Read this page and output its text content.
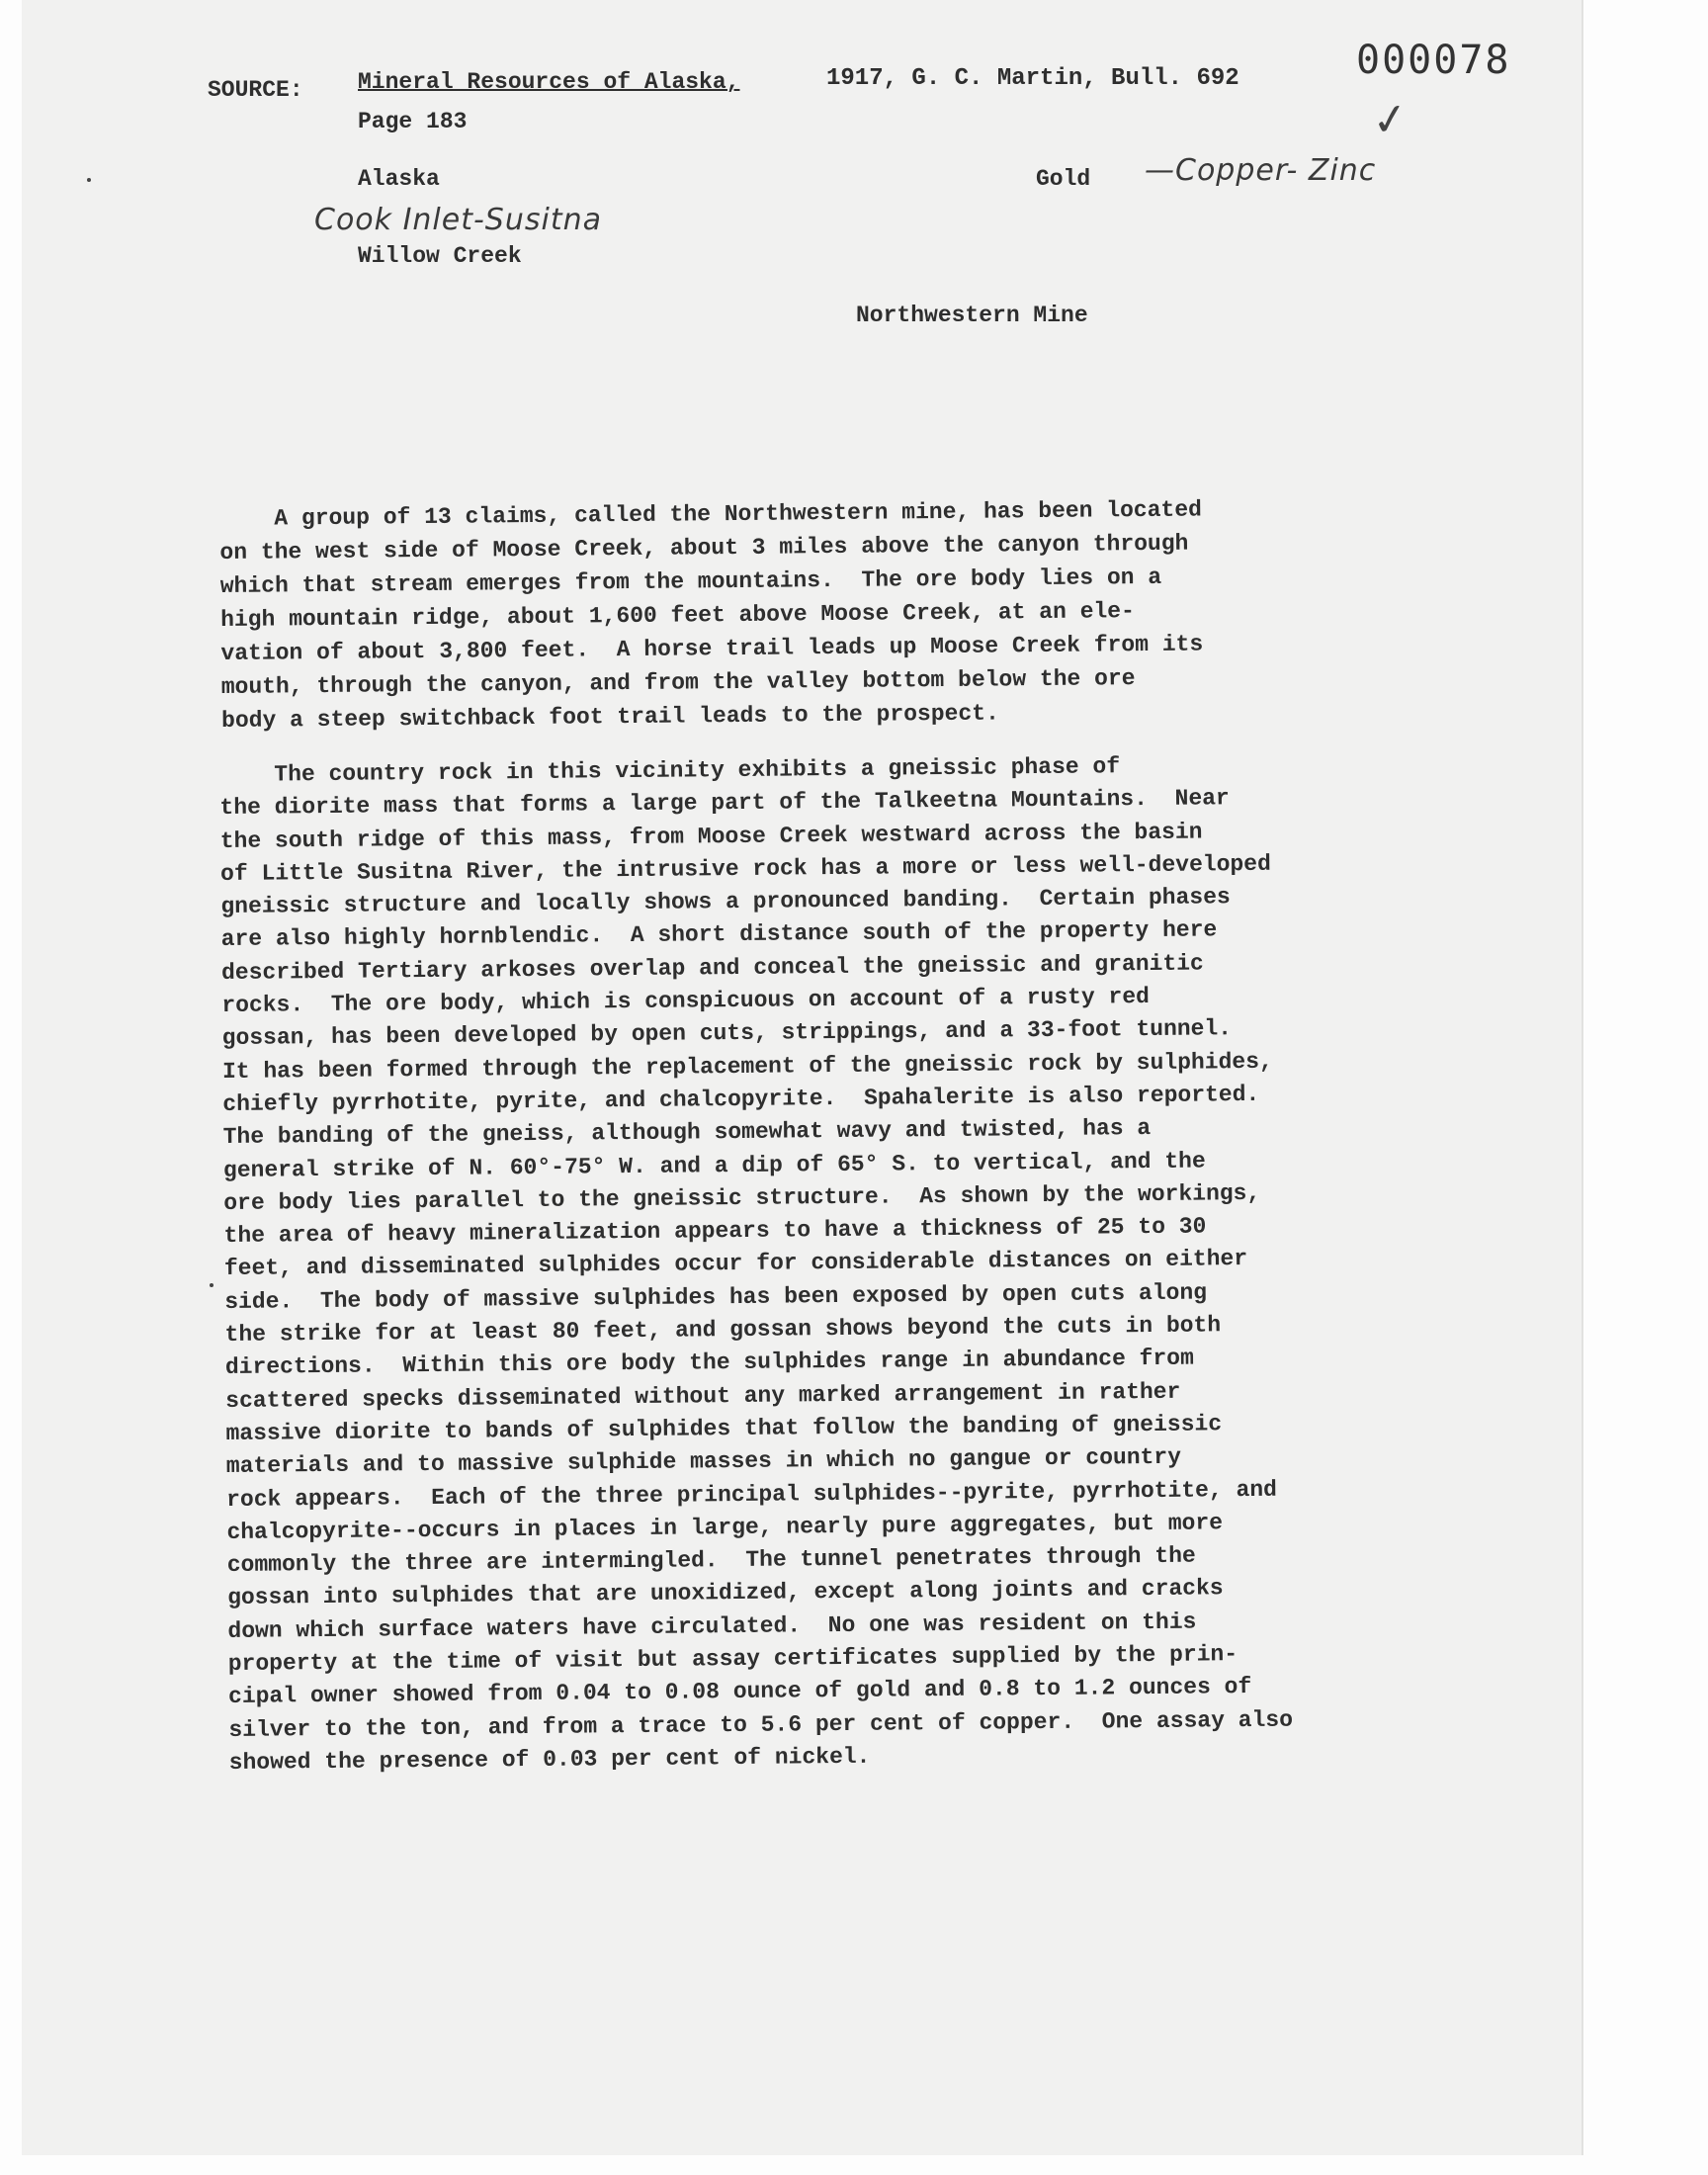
SOURCE: Mineral Resources of Alaska,	1917, G. C. Martin, Bull. 692
Page 183
000078
✓
Alaska	Gold —Copper- Zinc
Cook Inlet-Susitna
Willow Creek
Northwestern Mine

A group of 13 claims, called the Northwestern mine, has been located
on the west side of Moose Creek, about 3 miles above the canyon through
which that stream emerges from the mountains.  The ore body lies on a
high mountain ridge, about 1,600 feet above Moose Creek, at an ele-
vation of about 3,800 feet.  A horse trail leads up Moose Creek from its
mouth, through the canyon, and from the valley bottom below the ore
body a steep switchback foot trail leads to the prospect.

The country rock in this vicinity exhibits a gneissic phase of
the diorite mass that forms a large part of the Talkeetna Mountains.  Near
the south ridge of this mass, from Moose Creek westward across the basin
of Little Susitna River, the intrusive rock has a more or less well-developed
gneissic structure and locally shows a pronounced banding.  Certain phases
are also highly hornblendic.  A short distance south of the property here
described Tertiary arkoses overlap and conceal the gneissic and granitic
rocks.  The ore body, which is conspicuous on account of a rusty red
gossan, has been developed by open cuts, strippings, and a 33-foot tunnel.
It has been formed through the replacement of the gneissic rock by sulphides,
chiefly pyrrhotite, pyrite, and chalcopyrite.  Spahalerite is also reported.
The banding of the gneiss, although somewhat wavy and twisted, has a
general strike of N. 60°-75° W. and a dip of 65° S. to vertical, and the
ore body lies parallel to the gneissic structure.  As shown by the workings,
the area of heavy mineralization appears to have a thickness of 25 to 30
feet, and disseminated sulphides occur for considerable distances on either
side.  The body of massive sulphides has been exposed by open cuts along
the strike for at least 80 feet, and gossan shows beyond the cuts in both
directions.  Within this ore body the sulphides range in abundance from
scattered specks disseminated without any marked arrangement in rather
massive diorite to bands of sulphides that follow the banding of gneissic
materials and to massive sulphide masses in which no gangue or country
rock appears.  Each of the three principal sulphides--pyrite, pyrrhotite, and
chalcopyrite--occurs in places in large, nearly pure aggregates, but more
commonly the three are intermingled.  The tunnel penetrates through the
gossan into sulphides that are unoxidized, except along joints and cracks
down which surface waters have circulated.  No one was resident on this
property at the time of visit but assay certificates supplied by the prin-
cipal owner showed from 0.04 to 0.08 ounce of gold and 0.8 to 1.2 ounces of
silver to the ton, and from a trace to 5.6 per cent of copper.  One assay also
showed the presence of 0.03 per cent of nickel.
